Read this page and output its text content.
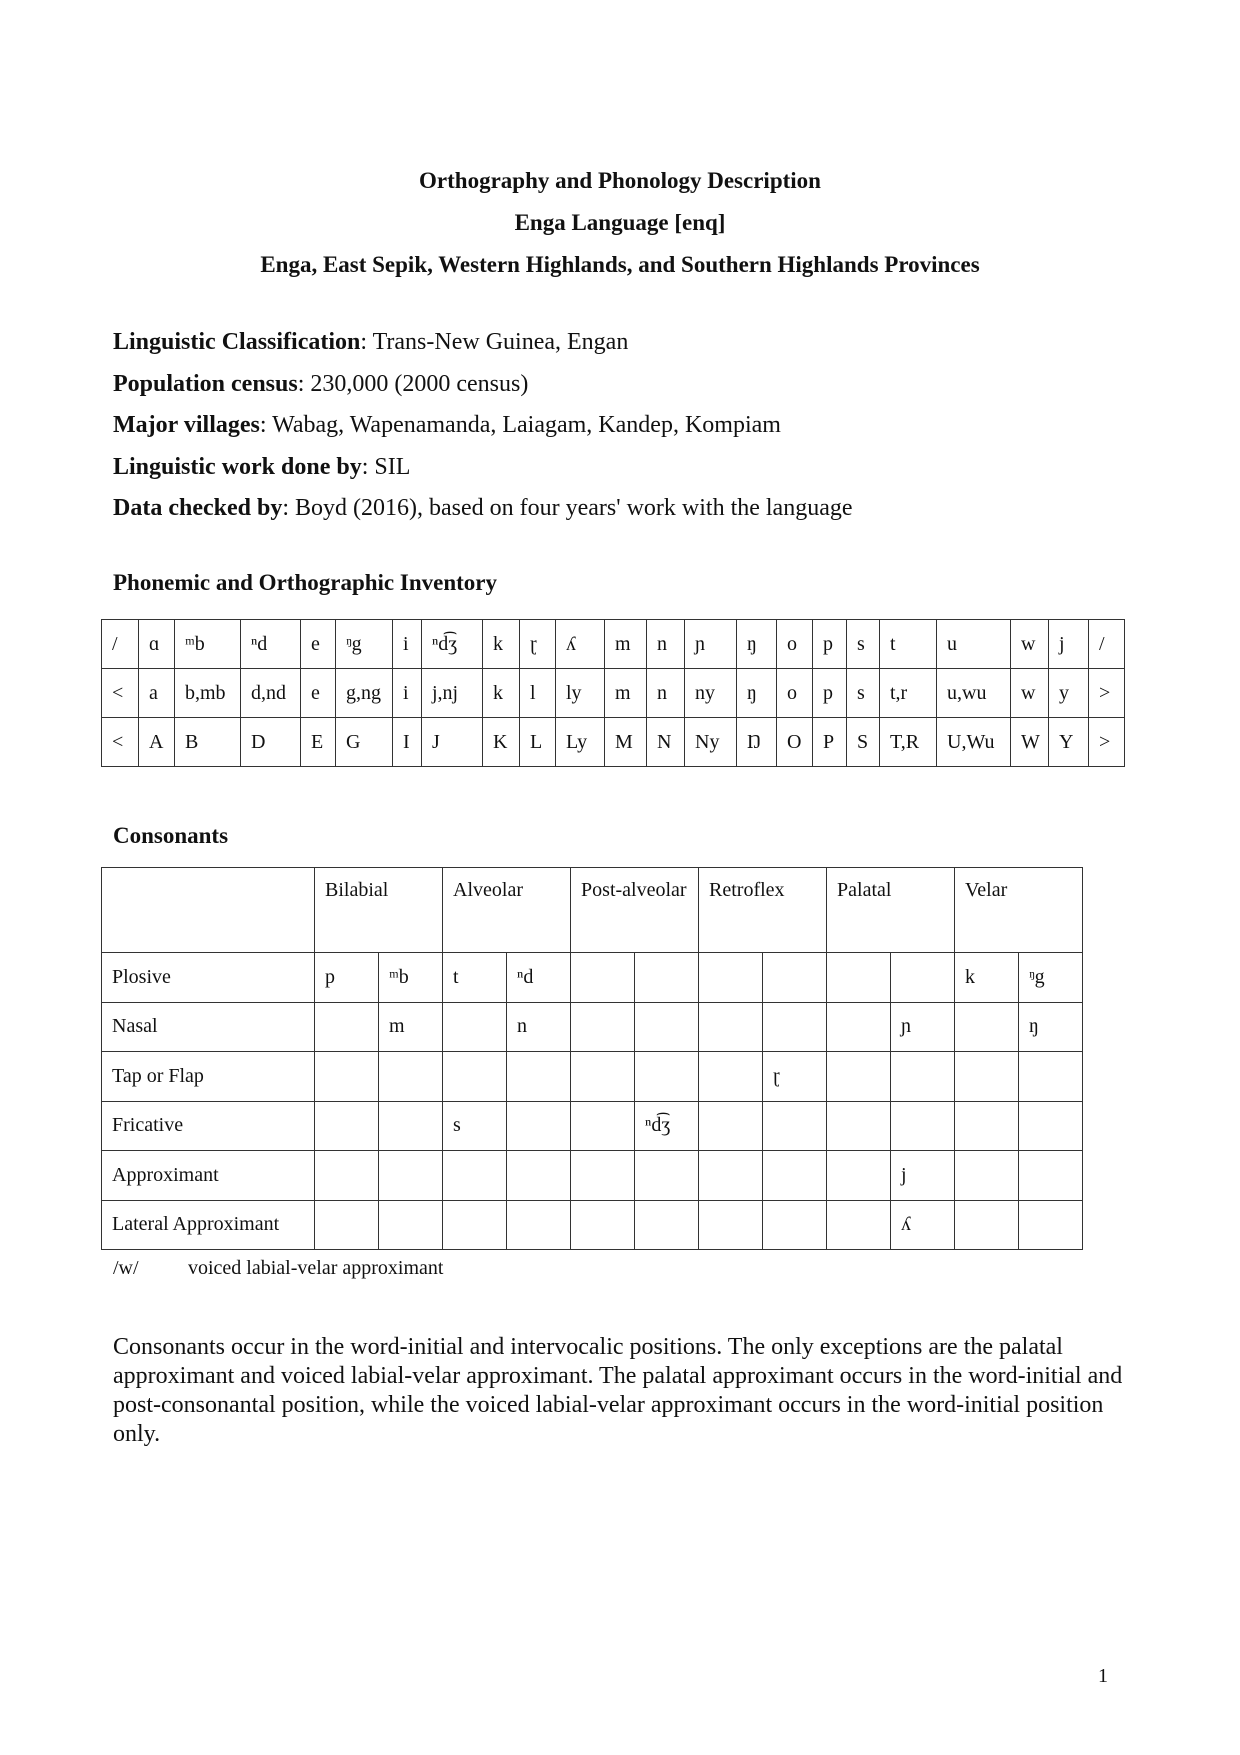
Orthography and Phonology Description
Enga Language [enq]
Enga, East Sepik, Western Highlands, and Southern Highlands Provinces
Linguistic Classification: Trans-New Guinea, Engan
Population census: 230,000 (2000 census)
Major villages: Wabag, Wapenamanda, Laiagam, Kandep, Kompiam
Linguistic work done by: SIL
Data checked by: Boyd (2016), based on four years' work with the language
Phonemic and Orthographic Inventory
/	ɑ	ᵐb	ⁿd	e	ᵑg	i	ⁿd͡ʒ	k	ɽ	ʎ	m	n	ɲ	ŋ	o	p	s	t	u	w	j	/
<	a	b,mb	d,nd	e	g,ng	i	j,nj	k	l	ly	m	n	ny	ŋ	o	p	s	t,r	u,wu	w	y	>
<	A	B	D	E	G	I	J	K	L	Ly	M	N	Ny	Ŋ	O	P	S	T,R	U,Wu	W	Y	>
Consonants
	Bilabial		Alveolar		Post-alveolar		Retroflex		Palatal		Velar	
Plosive	p	ᵐb	t	ⁿd							k	ᵑg
Nasal		m		n						ɲ		ŋ
Tap or Flap								ɽ				
Fricative			s			ⁿd͡ʒ						
Approximant										j		
Lateral Approximant										ʎ		
/w/ voiced labial-velar approximant
Consonants occur in the word-initial and intervocalic positions. The only exceptions are the palatal approximant and voiced labial-velar approximant. The palatal approximant occurs in the word-initial and post-consonantal position, while the voiced labial-velar approximant occurs in the word-initial position only.
1
